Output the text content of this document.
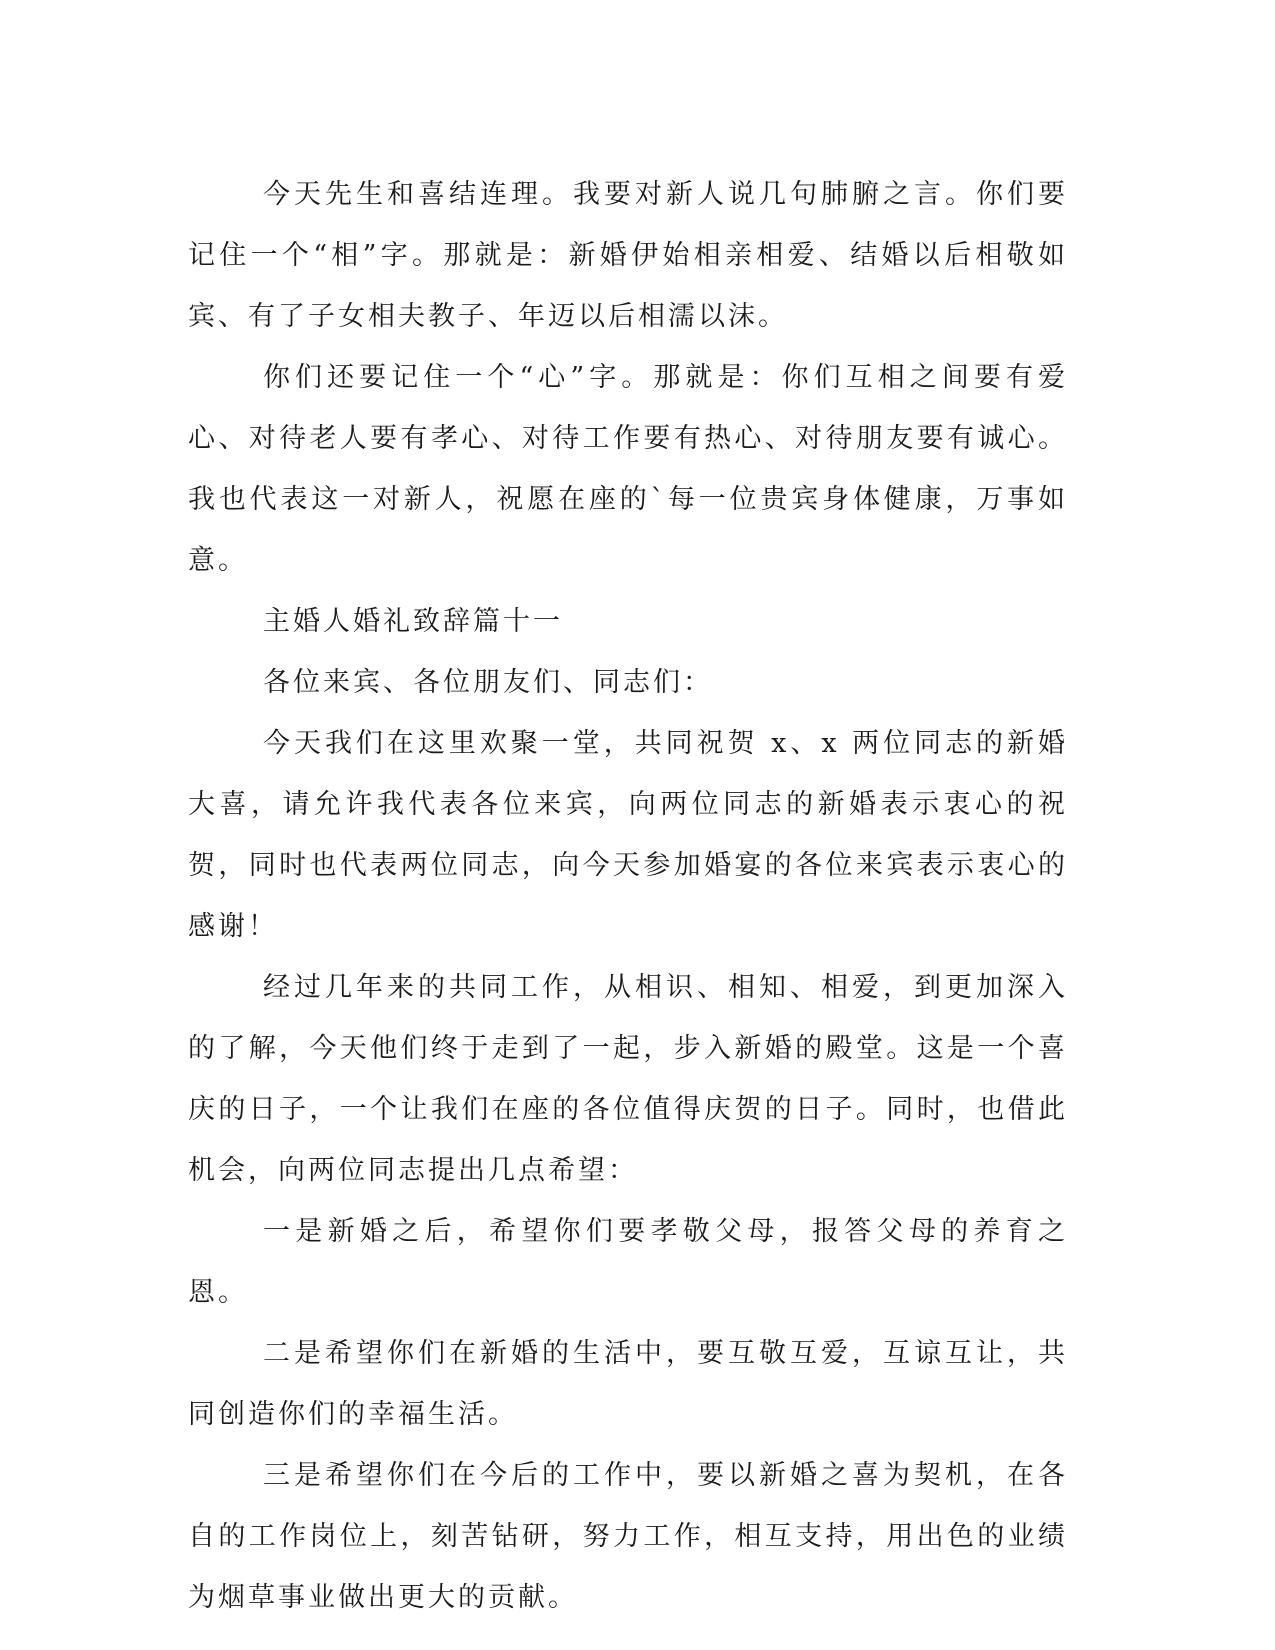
今天先生和喜结连理。我要对新人说几句肺腑之言。你们要记住一个“相”字。那就是：新婚伊始相亲相爱、结婚以后相敬如宾、有了子女相夫教子、年迈以后相濡以沫。

你们还要记住一个“心”字。那就是：你们互相之间要有爱心、对待老人要有孝心、对待工作要有热心、对待朋友要有诚心。我也代表这一对新人，祝愿在座的`每一位贵宾身体健康，万事如意。

主婚人婚礼致辞篇十一

各位来宾、各位朋友们、同志们：

今天我们在这里欢聚一堂，共同祝贺 x、x 两位同志的新婚大喜，请允许我代表各位来宾，向两位同志的新婚表示衷心的祝贺，同时也代表两位同志，向今天参加婚宴的各位来宾表示衷心的感谢！

经过几年来的共同工作，从相识、相知、相爱，到更加深入的了解，今天他们终于走到了一起，步入新婚的殿堂。这是一个喜庆的日子，一个让我们在座的各位值得庆贺的日子。同时，也借此机会，向两位同志提出几点希望：

一是新婚之后，希望你们要孝敬父母，报答父母的养育之恩。

二是希望你们在新婚的生活中，要互敬互爱，互谅互让，共同创造你们的幸福生活。

三是希望你们在今后的工作中，要以新婚之喜为契机，在各自的工作岗位上，刻苦钻研，努力工作，相互支持，用出色的业绩为烟草事业做出更大的贡献。
